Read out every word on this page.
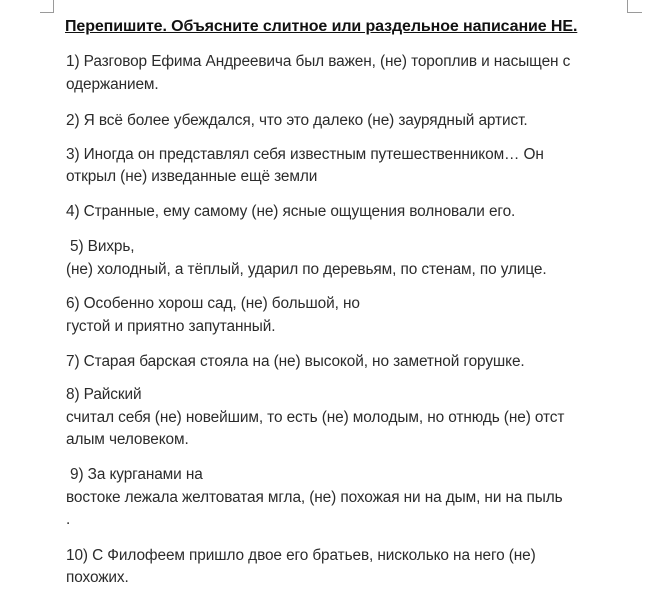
Перепишите. Объясните слитное или раздельное написание НЕ.
1) Разговор Ефима Андреевича был важен, (не) тороплив и насыщен с
одержанием.
2) Я всё более убеждался, что это далеко (не) заурядный артист.
3) Иногда он представлял себя известным путешественником… Он
открыл (не) изведанные ещё земли
4) Странные, ему самому (не) ясные ощущения волновали его.
5) Вихрь,
(не) холодный, а тёплый, ударил по деревьям, по стенам, по улице.
6) Особенно хорош сад, (не) большой, но
густой и приятно запутанный.
7) Старая барская стояла на (не) высокой, но заметной горушке.
8) Райский
считал себя (не) новейшим, то есть (не) молодым, но отнюдь (не) отст
алым человеком.
9) За курганами на
востоке лежала желтоватая мгла, (не) похожая ни на дым, ни на пыль
.
10) С Филофеем пришло двое его братьев, нисколько на него (не)
похожих.
